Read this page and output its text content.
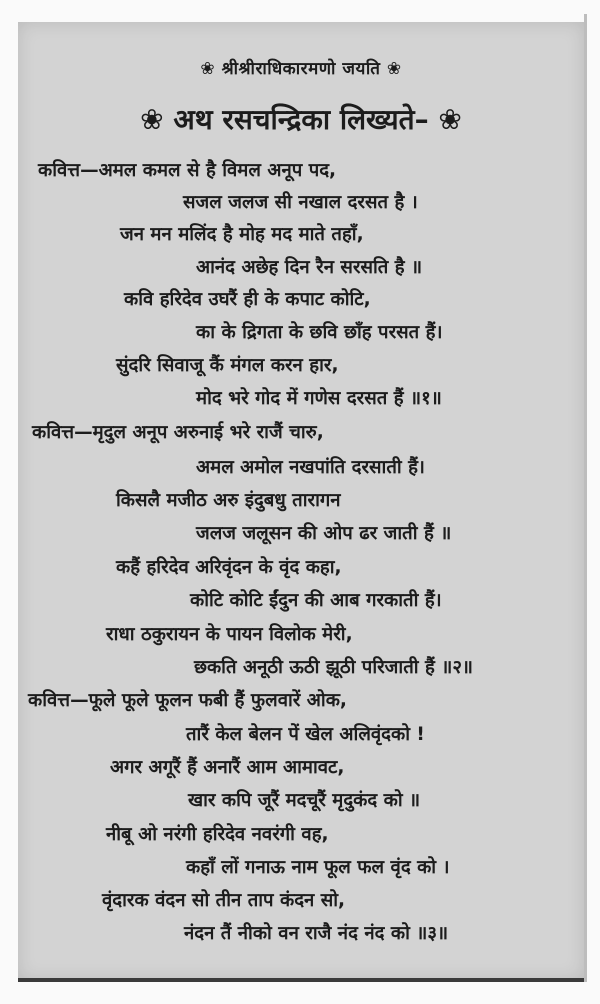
❀ श्रीश्रीराधिकारमणो जयति ❀
❀ अथ रसचन्द्रिका लिख्यते– ❀
कवित्त—अमल कमल से है विमल अनूप पद,
सजल जलज सी नखाल दरसत है ।
जन मन मलिंद है मोह मद माते तहाँ,
आनंद अछेह दिन रैन सरसति है ॥
कवि हरिदेव उघरैं ही के कपाट कोटि,
का के द्रिगता के छवि छाँह परसत हैं।
सुंदरि सिवाजू कैं मंगल करन हार,
मोद भरे गोद में गणेस दरसत हैं ॥१॥
कवित्त—मृदुल अनूप अरुनाई भरे राजैं चारु,
अमल अमोल नखपांति दरसाती हैं।
किसलै मजीठ अरु इंदुबधु तारागन
जलज जलूसन की ओप ढर जाती हैं ॥
कहैं हरिदेव अरिवृंदन के वृंद कहा,
कोटि कोटि ईंदुन की आब गरकाती हैं।
राधा ठकुरायन के पायन विलोक मेरी,
छकति अनूठी ऊठी झूठी परिजाती हैं ॥२॥
कवित्त—फूले फूले फूलन फबी हैं फुलवारें ओक,
तारैं केल बेलन पें खेल अलिवृंदको !
अगर अगूरैं हैं अनारैं आम आमावट,
खार कपि जूरैं मदचूरैं मृदुकंद को ॥
नीबू ओ नरंगी हरिदेव नवरंगी वह,
कहाँ लों गनाऊ नाम फूल फल वृंद को ।
वृंदारक वंदन सो तीन ताप कंदन सो,
नंदन तैं नीको वन राजै नंद नंद को ॥३॥
